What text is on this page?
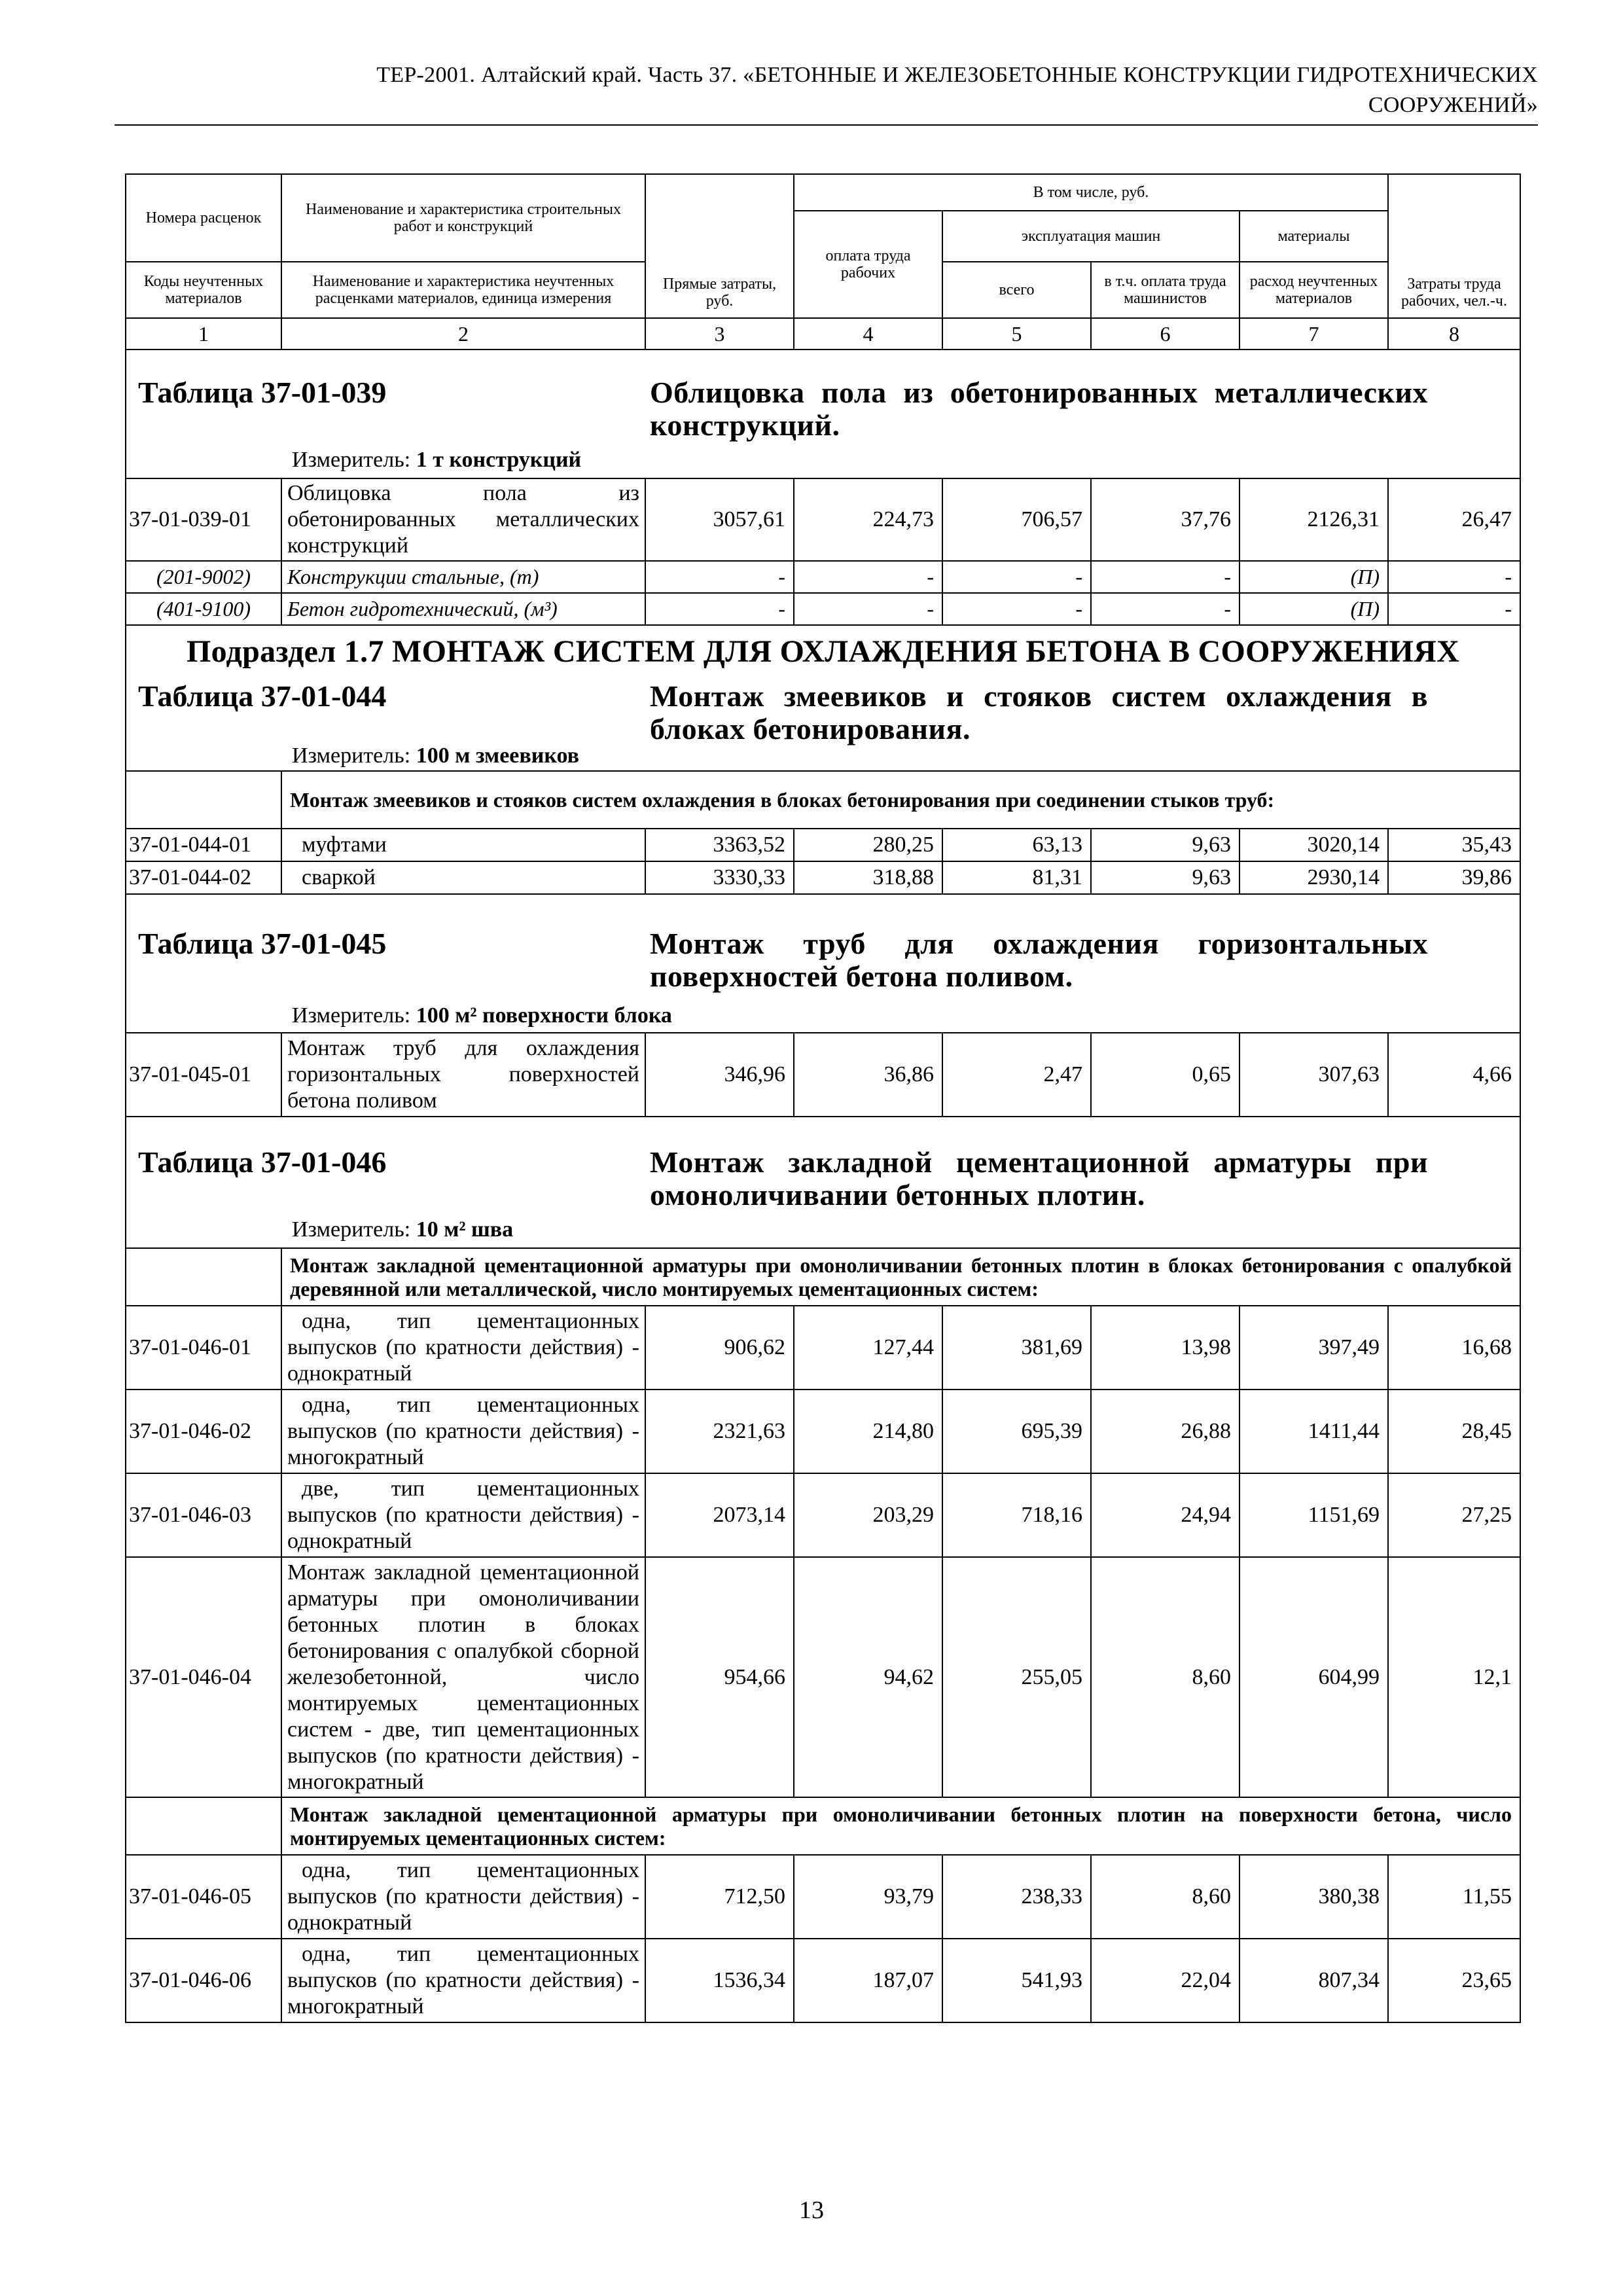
ТЕР-2001. Алтайский край. Часть 37. «БЕТОННЫЕ И ЖЕЛЕЗОБЕТОННЫЕ КОНСТРУКЦИИ ГИДРОТЕХНИЧЕСКИХ
СООРУЖЕНИЙ»
Номера расценок	Наименование и характеристика строительных работ и конструкций	Прямые затраты, руб.	В том числе, руб.				Затраты труда рабочих, чел.-ч.
			оплата труда рабочих	эксплуатация машин		материалы	
Коды неучтенных материалов	Наименование и характеристика неучтенных расценками материалов, единица измерения			всего	в т.ч. оплата труда машинистов	расход неучтенных материалов	
1	2	3	4	5	6	7	8

Таблица 37-01-039 Облицовка пола из обетонированных металлических конструкций.
Измеритель: 1 т конструкций							

37-01-039-01	Облицовка пола из обетонированных металлических конструкций	3057,61	224,73	706,57	37,76	2126,31	26,47
(201-9002)	Конструкции стальные, (т)	-	-	-	-	(П)	-
(401-9100)	Бетон гидротехнический, (м³)	-	-	-	-	(П)	-
Подраздел 1.7 МОНТАЖ СИСТЕМ ДЛЯ ОХЛАЖДЕНИЯ БЕТОНА В СООРУЖЕНИЯХ							

Таблица 37-01-044 Монтаж змеевиков и стояков систем охлаждения в блоках бетонирования.
Измеритель: 100 м змеевиков							

	Монтаж змеевиков и стояков систем охлаждения в блоках бетонирования при соединении стыков труб:						
37-01-044-01	муфтами	3363,52	280,25	63,13	9,63	3020,14	35,43
37-01-044-02	сваркой	3330,33	318,88	81,31	9,63	2930,14	39,86

Таблица 37-01-045 Монтаж труб для охлаждения горизонтальных поверхностей бетона поливом.
Измеритель: 100 м² поверхности блока							

37-01-045-01	Монтаж труб для охлаждения горизонтальных поверхностей бетона поливом	346,96	36,86	2,47	0,65	307,63	4,66

Таблица 37-01-046 Монтаж закладной цементационной арматуры при омоноличивании бетонных плотин.
Измеритель: 10 м² шва							

	Монтаж закладной цементационной арматуры при омоноличивании бетонных плотин в блоках бетонирования с опалубкой деревянной или металлической, число монтируемых цементационных систем:						
37-01-046-01	одна, тип цементационных выпусков (по кратности действия) - однократный	906,62	127,44	381,69	13,98	397,49	16,68
37-01-046-02	одна, тип цементационных выпусков (по кратности действия) - многократный	2321,63	214,80	695,39	26,88	1411,44	28,45
37-01-046-03	две, тип цементационных выпусков (по кратности действия) - однократный	2073,14	203,29	718,16	24,94	1151,69	27,25
37-01-046-04	Монтаж закладной цементационной арматуры при омоноличивании бетонных плотин в блоках бетонирования с опалубкой сборной железобетонной, число монтируемых цементационных систем - две, тип цементационных выпусков (по кратности действия) - многократный	954,66	94,62	255,05	8,60	604,99	12,1
	Монтаж закладной цементационной арматуры при омоноличивании бетонных плотин на поверхности бетона, число монтируемых цементационных систем:						
37-01-046-05	одна, тип цементационных выпусков (по кратности действия) - однократный	712,50	93,79	238,33	8,60	380,38	11,55
37-01-046-06	одна, тип цементационных выпусков (по кратности действия) - многократный	1536,34	187,07	541,93	22,04	807,34	23,65
13
